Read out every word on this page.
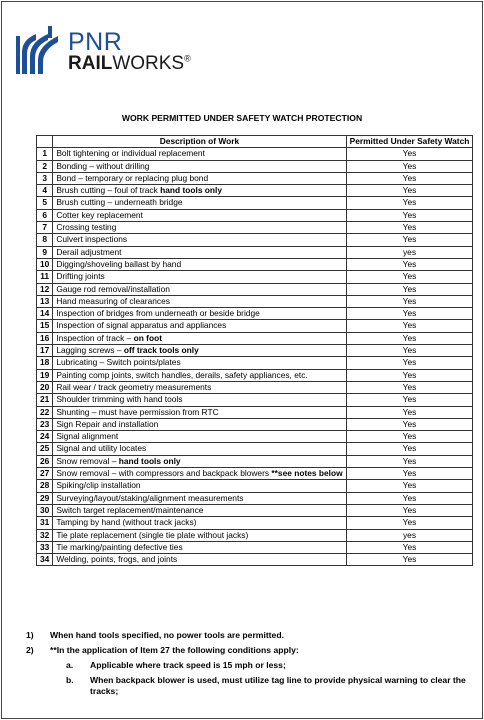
PNR
RAILWORKS®
WORK PERMITTED UNDER SAFETY WATCH PROTECTION
	Description of Work	Permitted Under Safety Watch
1	Bolt tightening or individual replacement	Yes
2	Bonding – without drilling	Yes
3	Bond – temporary or replacing plug bond	Yes
4	Brush cutting – foul of track hand tools only	Yes
5	Brush cutting – underneath bridge	Yes
6	Cotter key replacement	Yes
7	Crossing testing	Yes
8	Culvert inspections	Yes
9	Derail adjustment	yes
10	Digging/shoveling ballast by hand	Yes
11	Drifting joints	Yes
12	Gauge rod removal/installation	Yes
13	Hand measuring of clearances	Yes
14	Inspection of bridges from underneath or beside bridge	Yes
15	Inspection of signal apparatus and appliances	Yes
16	Inspection of track – on foot	Yes
17	Lagging screws – off track tools only	Yes
18	Lubricating – Switch points/plates	Yes
19	Painting comp joints, switch handles, derails, safety appliances, etc.	Yes
20	Rail wear / track geometry measurements	Yes
21	Shoulder trimming with hand tools	Yes
22	Shunting – must have permission from RTC	Yes
23	Sign Repair and installation	Yes
24	Signal alignment	Yes
25	Signal and utility locates	Yes
26	Snow removal – hand tools only	Yes
27	Snow removal – with compressors and backpack blowers **see notes below	Yes
28	Spiking/clip installation	Yes
29	Surveying/layout/staking/alignment measurements	Yes
30	Switch target replacement/maintenance	Yes
31	Tamping by hand (without track jacks)	Yes
32	Tie plate replacement (single tie plate without jacks)	yes
33	Tie marking/painting defective ties	Yes
34	Welding, points, frogs, and joints	Yes
1) When hand tools specified, no power tools are permitted.
2) **In the application of Item 27 the following conditions apply:
a. Applicable where track speed is 15 mph or less;
b. When backpack blower is used, must utilize tag line to provide physical warning to clear the tracks;
